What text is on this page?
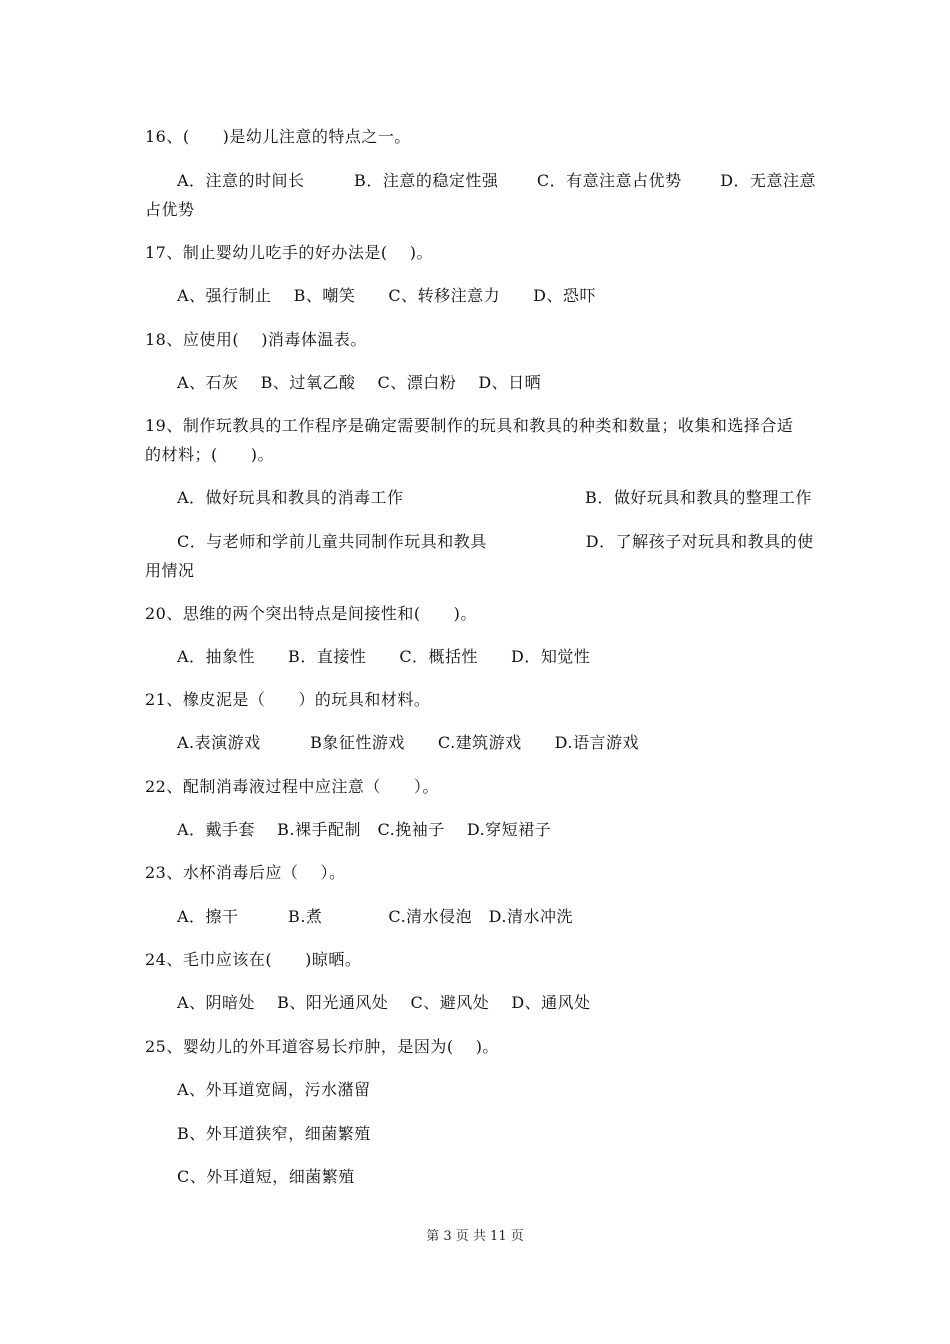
16、(　　)是幼儿注意的特点之一。
A．注意的时间长　　　B．注意的稳定性强　　 C．有意注意占优势　　 D．无意注意
占优势
17、制止婴幼儿吃手的好办法是(　 )。
A、强行制止　 B、嘲笑　　C、转移注意力　　D、恐吓
18、应使用(　 )消毒体温表。
A、石灰　 B、过氧乙酸　 C、漂白粉　 D、日晒
19、制作玩教具的工作程序是确定需要制作的玩具和教具的种类和数量；收集和选择合适
的材料；(　　)。
A．做好玩具和教具的消毒工作　　　　　　　　　　　B．做好玩具和教具的整理工作
C．与老师和学前儿童共同制作玩具和教具　　　　　　D．了解孩子对玩具和教具的使
用情况
20、思维的两个突出特点是间接性和(　　)。
A．抽象性　　B．直接性　　C．概括性　　D．知觉性
21、橡皮泥是（　　）的玩具和材料。
A.表演游戏　　　B象征性游戏　　C.建筑游戏　　D.语言游戏
22、配制消毒液过程中应注意（　　）。
A．戴手套　 B.裸手配制　C.挽袖子　 D.穿短裙子
23、水杯消毒后应（　 ）。
A．擦干　　　B.煮　　　　C.清水侵泡　D.清水冲洗
24、毛巾应该在(　　)晾晒。
A、阴暗处　 B、阳光通风处　 C、避风处　 D、通风处
25、婴幼儿的外耳道容易长疖肿，是因为(　 )。
A、外耳道宽阔，污水潴留
B、外耳道狭窄，细菌繁殖
C、外耳道短，细菌繁殖
第 3 页 共 11 页
